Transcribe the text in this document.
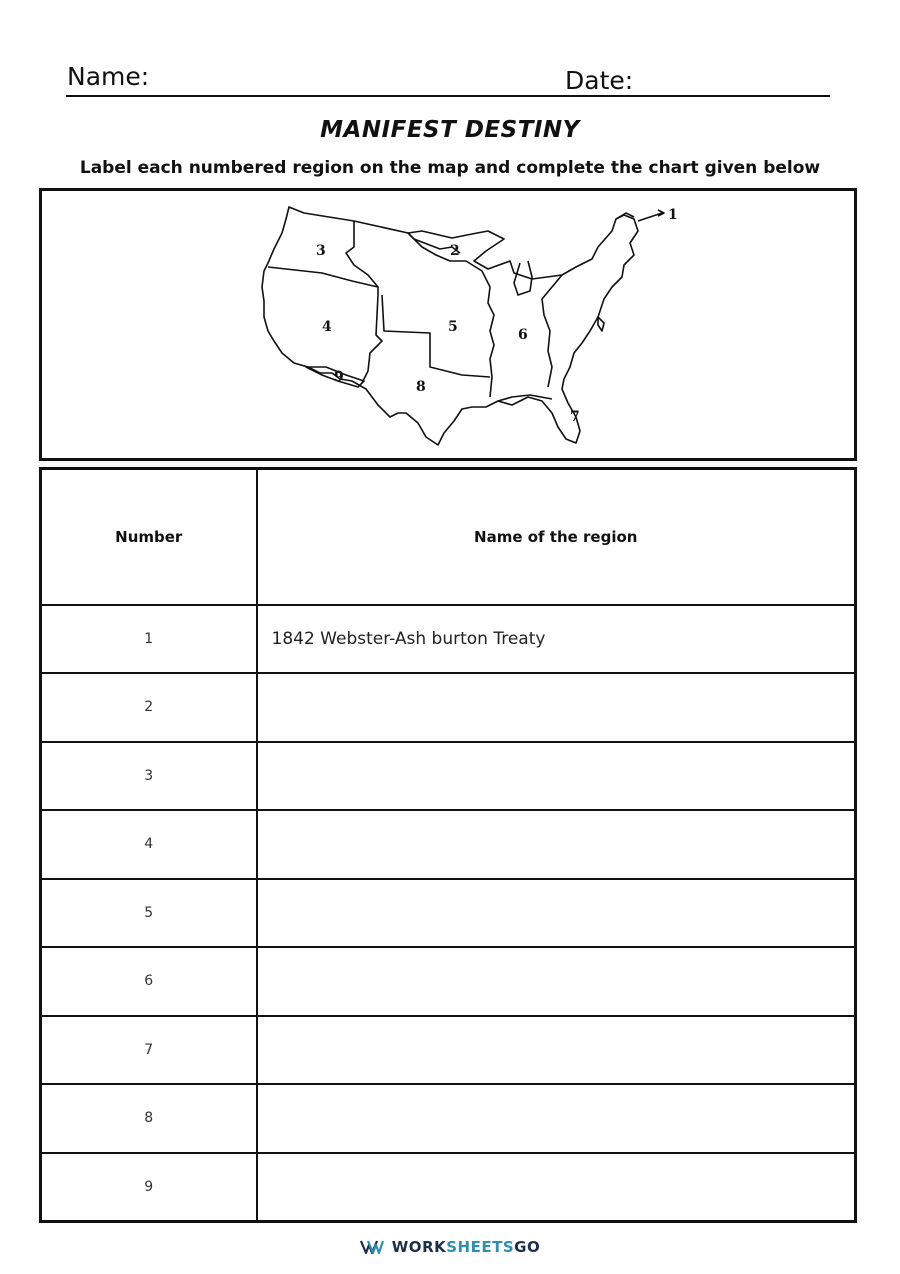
Name:	Date:
MANIFEST DESTINY
Label each numbered region on the map and complete the chart given below
1
2
3
4	5	6
7
8
9
Number	Name of the region
1	1842 Webster-Ash burton Treaty
2	
3	
4	
5	
6	
7	
8	
9	
WORKSHEETSGO
